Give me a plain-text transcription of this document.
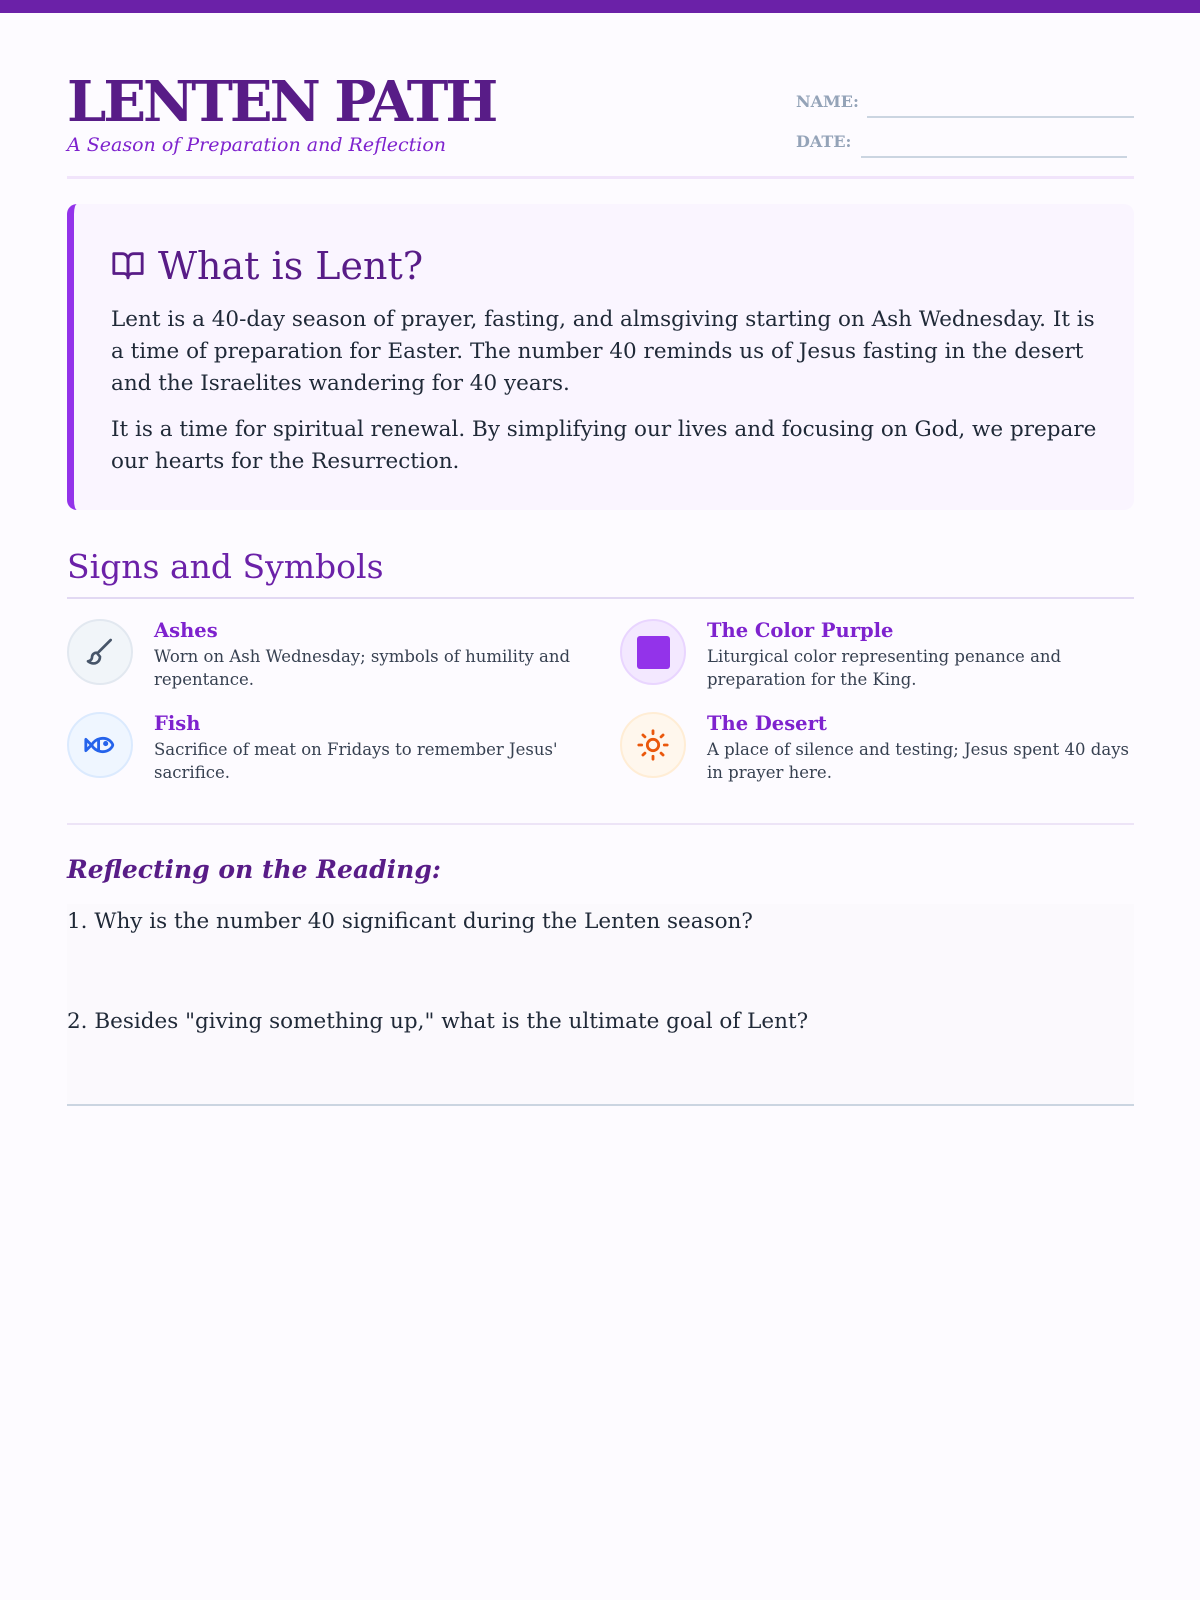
LENTEN PATH
A Season of Preparation and Reflection
NAME:
DATE:
What is Lent?

Lent is a 40-day season of prayer, fasting, and almsgiving starting on Ash Wednesday. It is a time of preparation for Easter. The number 40 reminds us of Jesus fasting in the desert and the Israelites wandering for 40 years.

It is a time for spiritual renewal. By simplifying our lives and focusing on God, we prepare our hearts for the Resurrection.

Signs and Symbols
Ashes
Worn on Ash Wednesday; symbols of humility and repentance.
The Color Purple
Liturgical color representing penance and preparation for the King.
Fish
Sacrifice of meat on Fridays to remember Jesus' sacrifice.
The Desert
A place of silence and testing; Jesus spent 40 days in prayer here.
Reflecting on the Reading:
1. Why is the number 40 significant during the Lenten season?
2. Besides "giving something up," what is the ultimate goal of Lent?
